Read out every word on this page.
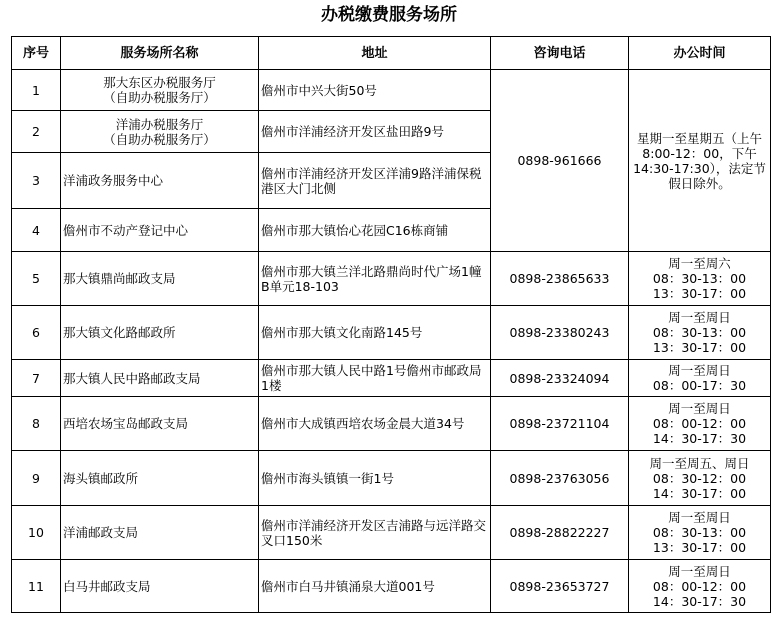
办税缴费服务场所
序号	服务场所名称	地址	咨询电话	办公时间
1	那大东区办税服务厅
（自助办税服务厅）	儋州市中兴大街50号	0898-961666	星期一至星期五（上午8:00-12：00，下午14:30-17:30），法定节假日除外。
2	洋浦办税服务厅
（自助办税服务厅）	儋州市洋浦经济开发区盐田路9号		
3	洋浦政务服务中心	儋州市洋浦经济开发区洋浦9路洋浦保税港区大门北侧		
4	儋州市不动产登记中心	儋州市那大镇怡心花园C16栋商铺		
5	那大镇鼎尚邮政支局	儋州市那大镇兰洋北路鼎尚时代广场1幢B单元18-103	0898-23865633	周一至周六
08：30-13：00
13：30-17：00
6	那大镇文化路邮政所	儋州市那大镇文化南路145号	0898-23380243	周一至周日
08：30-13：00
13：30-17：00
7	那大镇人民中路邮政支局	儋州市那大镇人民中路1号儋州市邮政局1楼	0898-23324094	周一至周日
08：00-17：30
8	西培农场宝岛邮政支局	儋州市大成镇西培农场金晨大道34号	0898-23721104	周一至周日
08：00-12：00
14：30-17：30
9	海头镇邮政所	儋州市海头镇镇一街1号	0898-23763056	周一至周五、周日
08：30-12：00
14：30-17：00
10	洋浦邮政支局	儋州市洋浦经济开发区吉浦路与远洋路交叉口150米	0898-28822227	周一至周日
08：30-13：00
13：30-17：00
11	白马井邮政支局	儋州市白马井镇涌泉大道001号	0898-23653727	周一至周日
08：00-12：00
14：30-17：30
